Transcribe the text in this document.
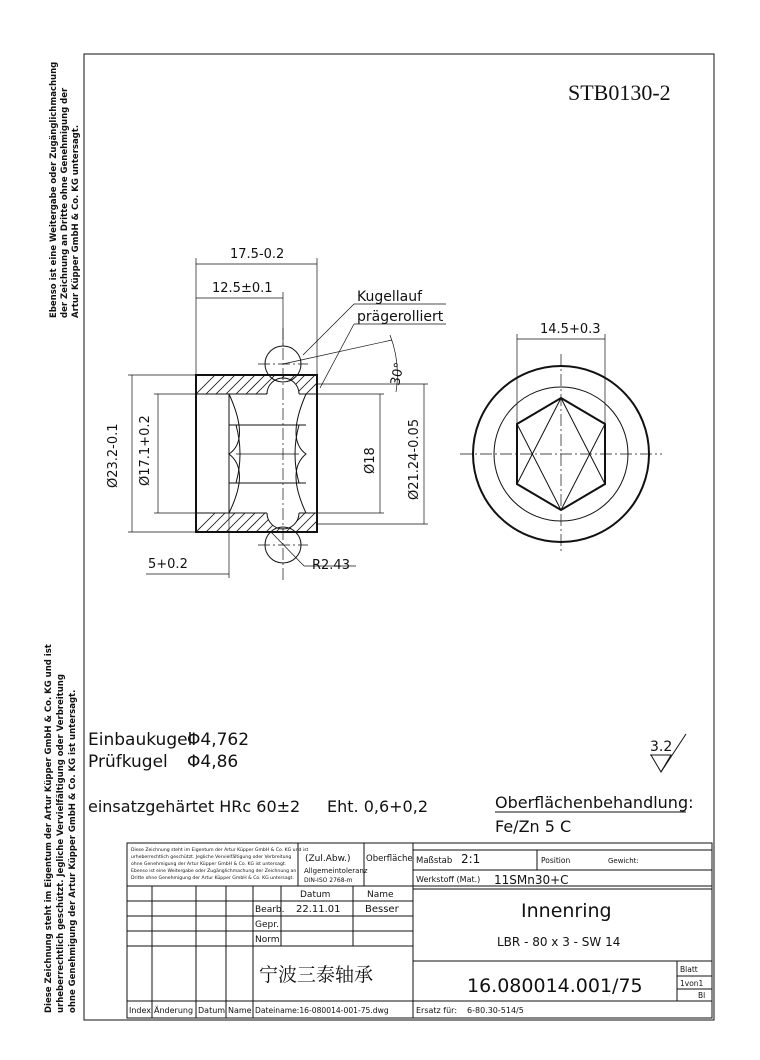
STB0130-2
Ebenso ist eine Weitergabe oder Zugänglichmachung der Zeichnung an Dritte ohne Genehmigung der Artur Küpper GmbH & Co. KG untersagt.
Diese Zeichnung steht im Eigentum der Artur Küpper GmbH & Co. KG und ist urheberrechtlich geschützt. Jegliche Vervielfältigung oder Verbreitung ohne Genehmigung der Artur Küpper GmbH & Co. KG ist untersagt.
17.5-0.2
12.5±0.1
5+0.2
Ø23.2-0.1 Ø17.1+0.2	Ø18 Ø21.24-0.05
30°
R2.43
Kugellauf
prägerolliert
14.5+0.3
Einbaukugel
Φ4,762
Prüfkugel Φ4,86
einsatzgehärtet HRc 60±2 Eht. 0,6+0,2	Oberflächenbehandlung:
Fe/Zn 5 C
3.2
Diese Zeichnung steht im Eigentum der Artur Küpper GmbH & Co. KG und ist
urheberrechtlich geschützt. Jegliche Vervielfältigung oder Verbreitung
ohne Genehmigung der Artur Küpper GmbH & Co. KG ist untersagt.
Ebenso ist eine Weitergabe oder Zugänglichmachung der Zeichnung an
Dritte ohne Genehmigung der Artur Küpper GmbH & Co. KG untersagt.
(Zul.Abw.)
Allgemeintoleranz
DIN-ISO 2768-m
Oberfläche Maßstab 2:1	Position	Gewicht:
Werkstoff (Mat.) 11SMn30+C
Datum	Name
Bearb. 22.11.01 Besser
Gepr.
Norm
Innenring
LBR - 80 x 3 - SW 14
宁波三泰轴承	16.080014.001/75
Blatt
1von1
Bl
Index Änderung Datum Name Dateiname:16-080014-001-75.dwg	Ersatz für: 6-80.30-514/5
